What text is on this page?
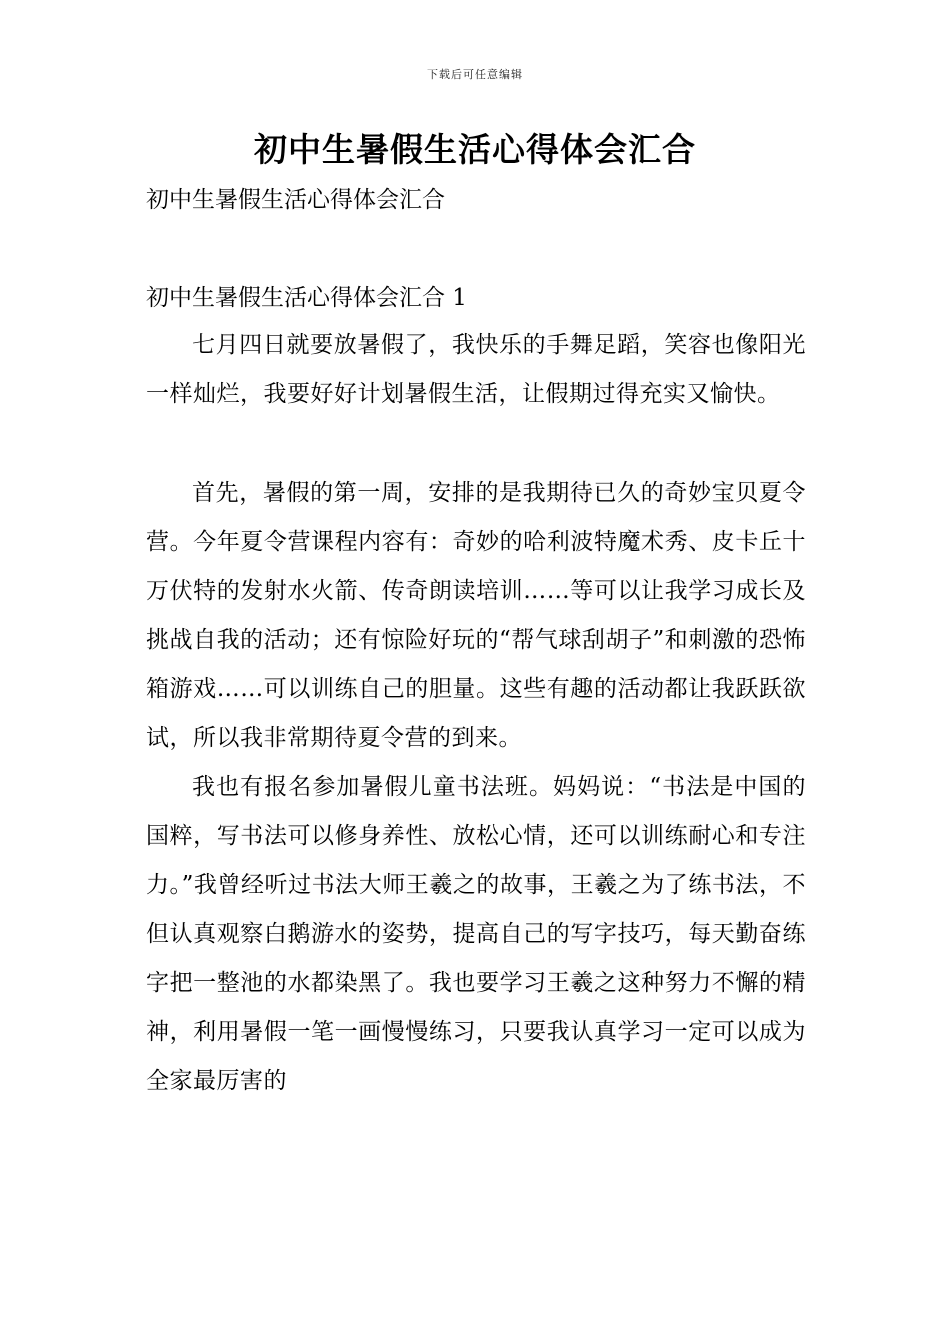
下载后可任意编辑
初中生暑假生活心得体会汇合

初中生暑假生活心得体会汇合

初中生暑假生活心得体会汇合 1

七月四日就要放暑假了，我快乐的手舞足蹈，笑容也像阳光一样灿烂，我要好好计划暑假生活，让假期过得充实又愉快。

首先，暑假的第一周，安排的是我期待已久的奇妙宝贝夏令营。今年夏令营课程内容有：奇妙的哈利波特魔术秀、皮卡丘十万伏特的发射水火箭、传奇朗读培训……等可以让我学习成长及挑战自我的活动；还有惊险好玩的“帮气球刮胡子”和刺激的恐怖箱游戏……可以训练自己的胆量。这些有趣的活动都让我跃跃欲试，所以我非常期待夏令营的到来。

我也有报名参加暑假儿童书法班。妈妈说：“书法是中国的国粹，写书法可以修身养性、放松心情，还可以训练耐心和专注力。”我曾经听过书法大师王羲之的故事，王羲之为了练书法，不但认真观察白鹅游水的姿势，提高自己的写字技巧，每天勤奋练字把一整池的水都染黑了。我也要学习王羲之这种努力不懈的精神，利用暑假一笔一画慢慢练习，只要我认真学习一定可以成为全家最厉害的
